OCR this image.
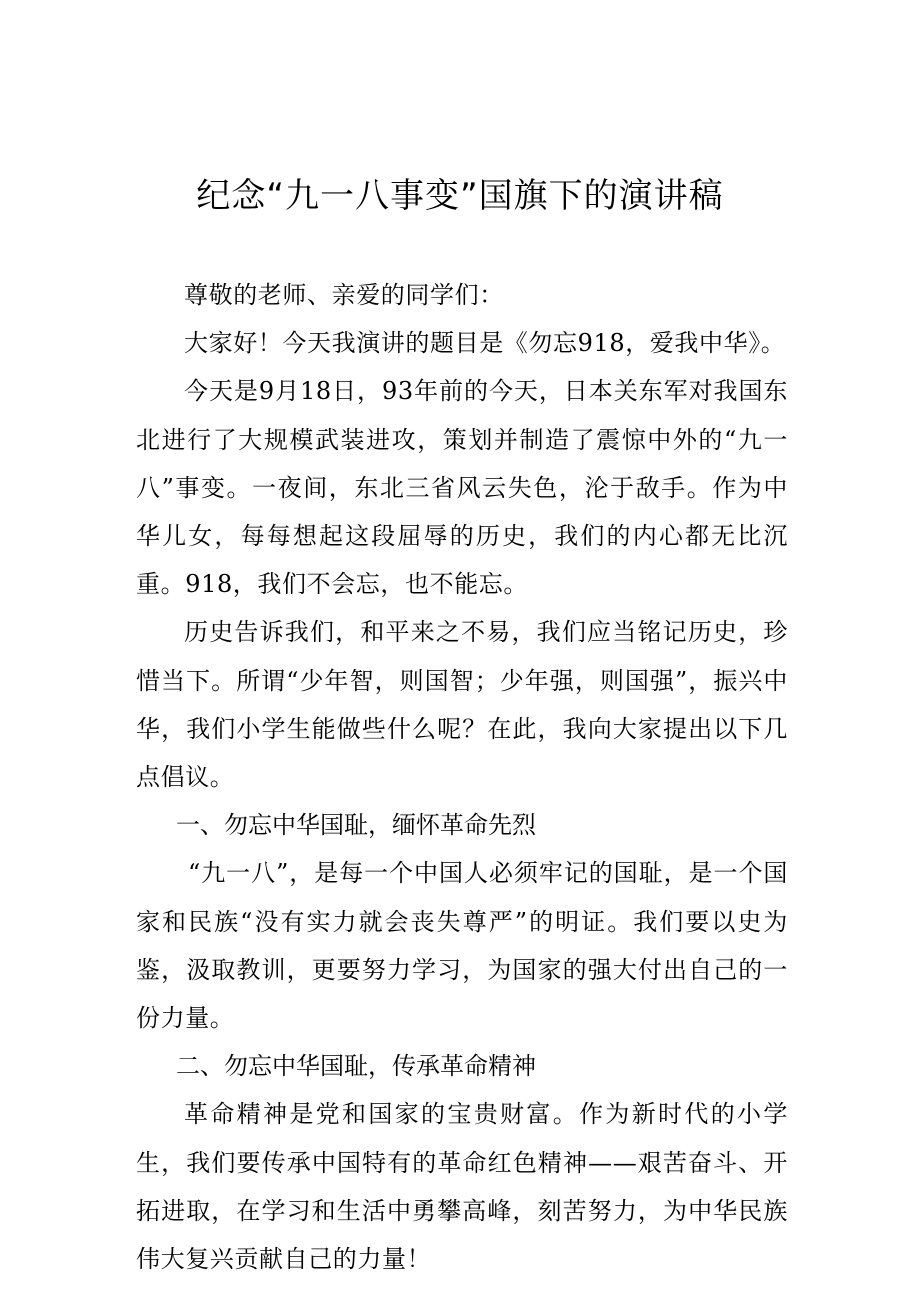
纪念“九一八事变”国旗下的演讲稿

尊敬的老师、亲爱的同学们：

大家好！今天我演讲的题目是《勿忘918，爱我中华》。

今天是9月18日，93年前的今天，日本关东军对我国东北进行了大规模武装进攻，策划并制造了震惊中外的“九一八”事变。一夜间，东北三省风云失色，沦于敌手。作为中华儿女，每每想起这段屈辱的历史，我们的内心都无比沉重。918，我们不会忘，也不能忘。

历史告诉我们，和平来之不易，我们应当铭记历史，珍惜当下。所谓“少年智，则国智；少年强，则国强”，振兴中华，我们小学生能做些什么呢？在此，我向大家提出以下几点倡议。

一、勿忘中华国耻，缅怀革命先烈

“九一八”，是每一个中国人必须牢记的国耻，是一个国家和民族“没有实力就会丧失尊严”的明证。我们要以史为鉴，汲取教训，更要努力学习，为国家的强大付出自己的一份力量。

二、勿忘中华国耻，传承革命精神

革命精神是党和国家的宝贵财富。作为新时代的小学生，我们要传承中国特有的革命红色精神——艰苦奋斗、开拓进取，在学习和生活中勇攀高峰，刻苦努力，为中华民族伟大复兴贡献自己的力量！
